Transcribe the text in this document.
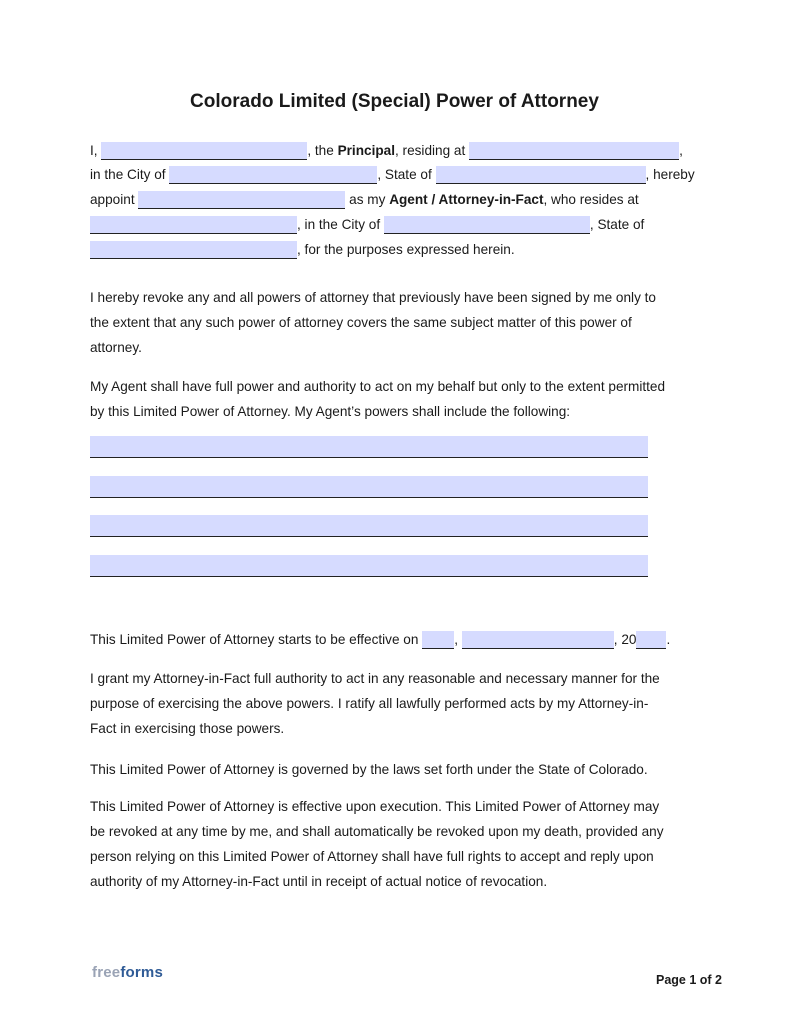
Colorado Limited (Special) Power of Attorney
I,	, the Principal, residing at	,
in the City of	, State of	, hereby
appoint	as my Agent / Attorney-in-Fact, who resides at
, in the City of	, State of
, for the purposes expressed herein.

I hereby revoke any and all powers of attorney that previously have been signed by me only to

the extent that any such power of attorney covers the same subject matter of this power of

attorney.

My Agent shall have full power and authority to act on my behalf but only to the extent permitted

by this Limited Power of Attorney. My Agent’s powers shall include the following:

This Limited Power of Attorney starts to be effective on ,	, 20 .

I grant my Attorney-in-Fact full authority to act in any reasonable and necessary manner for the

purpose of exercising the above powers. I ratify all lawfully performed acts by my Attorney-in-

Fact in exercising those powers.

This Limited Power of Attorney is governed by the laws set forth under the State of Colorado.

This Limited Power of Attorney is effective upon execution. This Limited Power of Attorney may

be revoked at any time by me, and shall automatically be revoked upon my death, provided any

person relying on this Limited Power of Attorney shall have full rights to accept and reply upon

authority of my Attorney-in-Fact until in receipt of actual notice of revocation.

freeforms	Page 1 of 2
